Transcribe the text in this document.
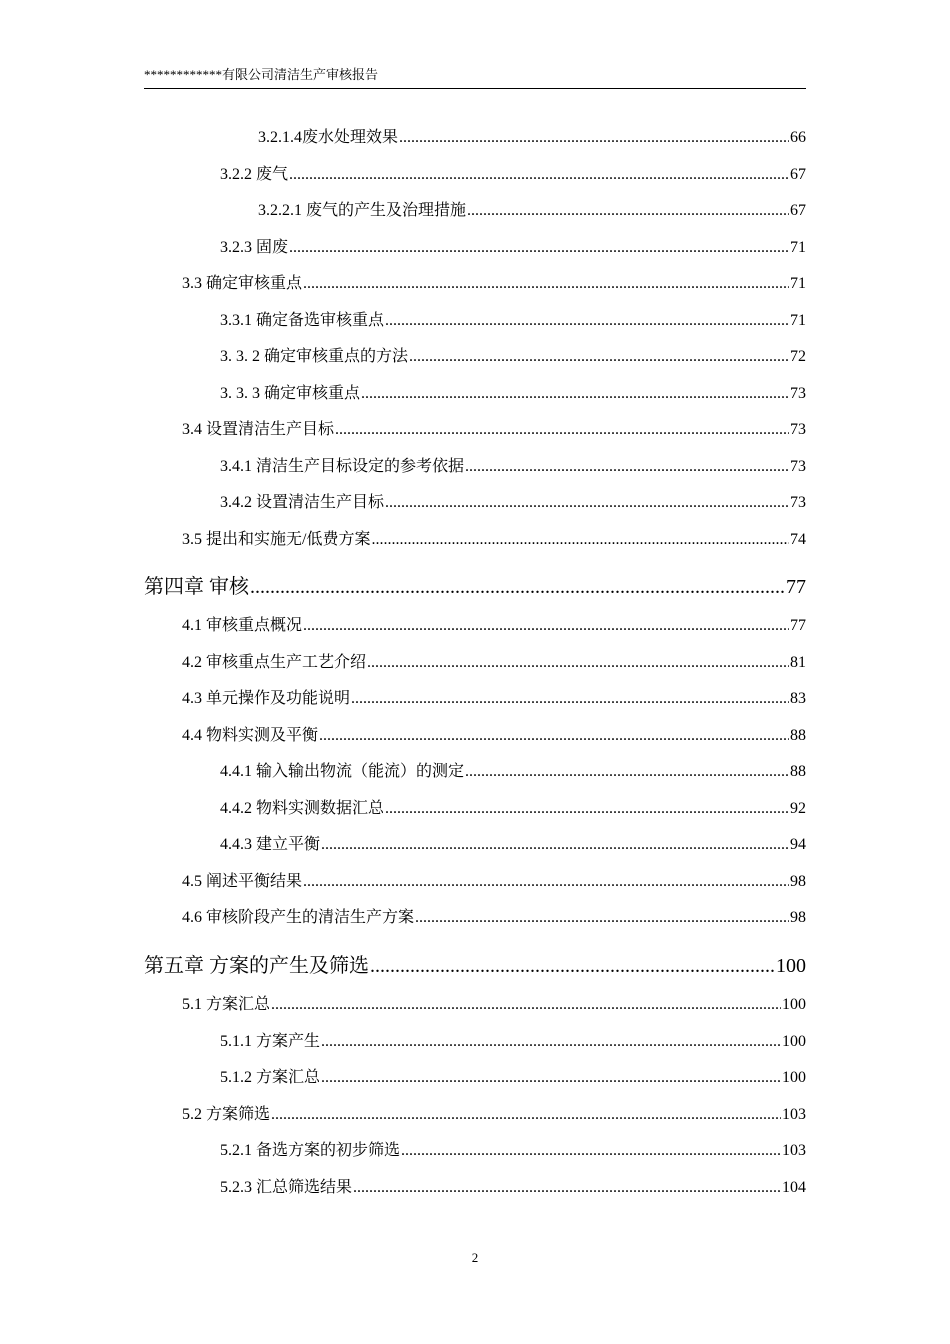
************有限公司清洁生产审核报告
3.2.1.4废水处理效果 .....	66
3.2.2 废气 .....	67
3.2.2.1 废气的产生及治理措施 .....	67
3.2.3 固废 .....	71
3.3 确定审核重点 .....	71
3.3.1 确定备选审核重点 .....	71
3. 3. 2 确定审核重点的方法 .....	72
3. 3. 3 确定审核重点 .....	73
3.4 设置清洁生产目标 .....	73
3.4.1 清洁生产目标设定的参考依据 .....	73
3.4.2 设置清洁生产目标 .....	73
3.5 提出和实施无/低费方案 .....	74
第四章 审核 .....	77
4.1 审核重点概况 .....	77
4.2 审核重点生产工艺介绍 .....	81
4.3 单元操作及功能说明 .....	83
4.4 物料实测及平衡 .....	88
4.4.1 输入输出物流（能流）的测定 .....	88
4.4.2 物料实测数据汇总 .....	92
4.4.3 建立平衡 .....	94
4.5 阐述平衡结果 .....	98
4.6 审核阶段产生的清洁生产方案 .....	98
第五章 方案的产生及筛选 .....	100
5.1 方案汇总 .....	100
5.1.1 方案产生 .....	100
5.1.2 方案汇总 .....	100
5.2 方案筛选 .....	103
5.2.1 备选方案的初步筛选 .....	103
5.2.3 汇总筛选结果 .....	104
2
